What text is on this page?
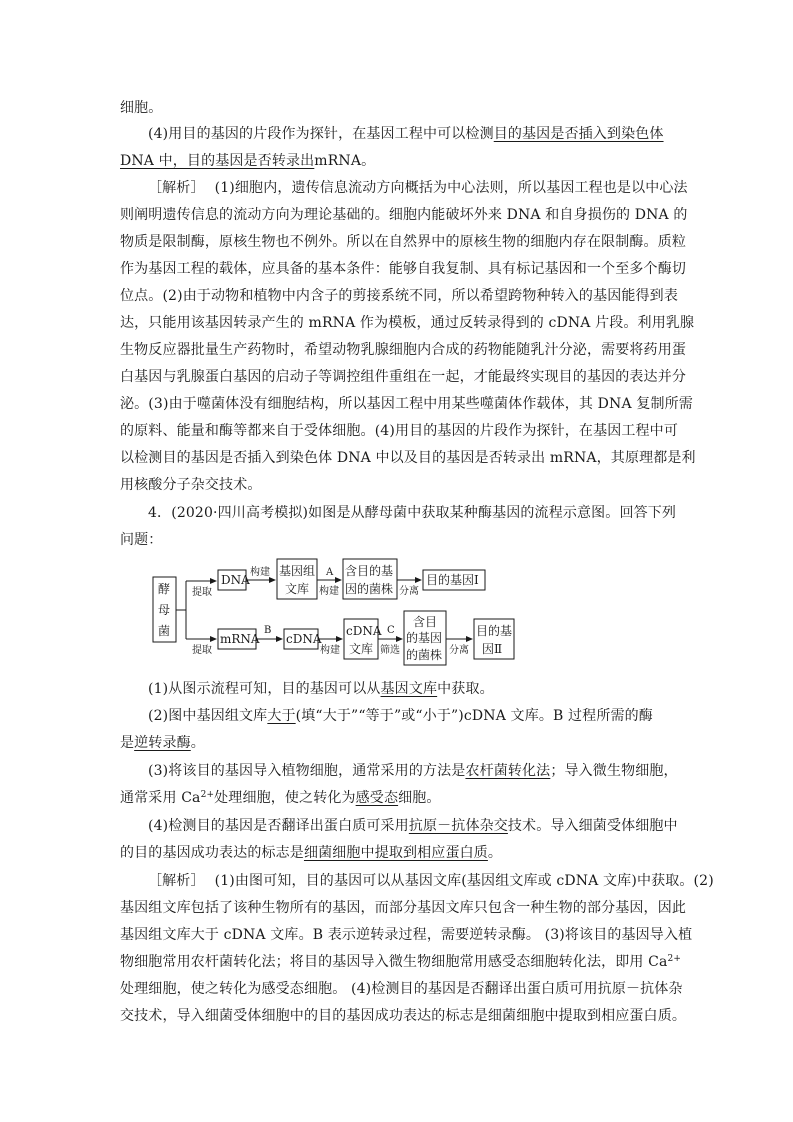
细胞。
(4)用目的基因的片段作为探针，在基因工程中可以检测目的基因是否插入到染色体
DNA 中，目的基因是否转录出mRNA。
［解析］ (1)细胞内，遗传信息流动方向概括为中心法则，所以基因工程也是以中心法
则阐明遗传信息的流动方向为理论基础的。细胞内能破坏外来 DNA 和自身损伤的 DNA 的
物质是限制酶，原核生物也不例外。所以在自然界中的原核生物的细胞内存在限制酶。质粒
作为基因工程的载体，应具备的基本条件：能够自我复制、具有标记基因和一个至多个酶切
位点。(2)由于动物和植物中内含子的剪接系统不同，所以希望跨物种转入的基因能得到表
达，只能用该基因转录产生的 mRNA 作为模板，通过反转录得到的 cDNA 片段。利用乳腺
生物反应器批量生产药物时，希望动物乳腺细胞内合成的药物能随乳汁分泌，需要将药用蛋
白基因与乳腺蛋白基因的启动子等调控组件重组在一起，才能最终实现目的基因的表达并分
泌。(3)由于噬菌体没有细胞结构，所以基因工程中用某些噬菌体作载体，其 DNA 复制所需
的原料、能量和酶等都来自于受体细胞。(4)用目的基因的片段作为探针，在基因工程中可
以检测目的基因是否插入到染色体 DNA 中以及目的基因是否转录出 mRNA，其原理都是利
用核酸分子杂交技术。
4．(2020·四川高考模拟)如图是从酵母菌中获取某种酶基因的流程示意图。回答下列
问题：
酵
母
菌
DNA
基因组
文库
含目的基
因的菌株
目的基因Ⅰ
mRNA cDNA
cDNA
文库
含目
的基因
的菌株
目的基
因Ⅱ
提取
提取
构建	A
构建	分离
B
构建
C
筛选	分离
(1)从图示流程可知，目的基因可以从基因文库中获取。
(2)图中基因组文库大于(填“大于”“等于”或“小于”)cDNA 文库。B 过程所需的酶
是逆转录酶。
(3)将该目的基因导入植物细胞，通常采用的方法是农杆菌转化法；导入微生物细胞，
通常采用 $Ca^{2+}$处理细胞，使之转化为感受态细胞。
(4)检测目的基因是否翻译出蛋白质可采用抗原－抗体杂交技术。导入细菌受体细胞中
的目的基因成功表达的标志是细菌细胞中提取到相应蛋白质。
［解析］ (1)由图可知，目的基因可以从基因文库(基因组文库或 cDNA 文库)中获取。(2)
基因组文库包括了该种生物所有的基因，而部分基因文库只包含一种生物的部分基因，因此
基因组文库大于 cDNA 文库。B 表示逆转录过程，需要逆转录酶。 (3)将该目的基因导入植
物细胞常用农杆菌转化法；将目的基因导入微生物细胞常用感受态细胞转化法，即用 $Ca^{2+}$
处理细胞，使之转化为感受态细胞。 (4)检测目的基因是否翻译出蛋白质可用抗原－抗体杂
交技术，导入细菌受体细胞中的目的基因成功表达的标志是细菌细胞中提取到相应蛋白质。
